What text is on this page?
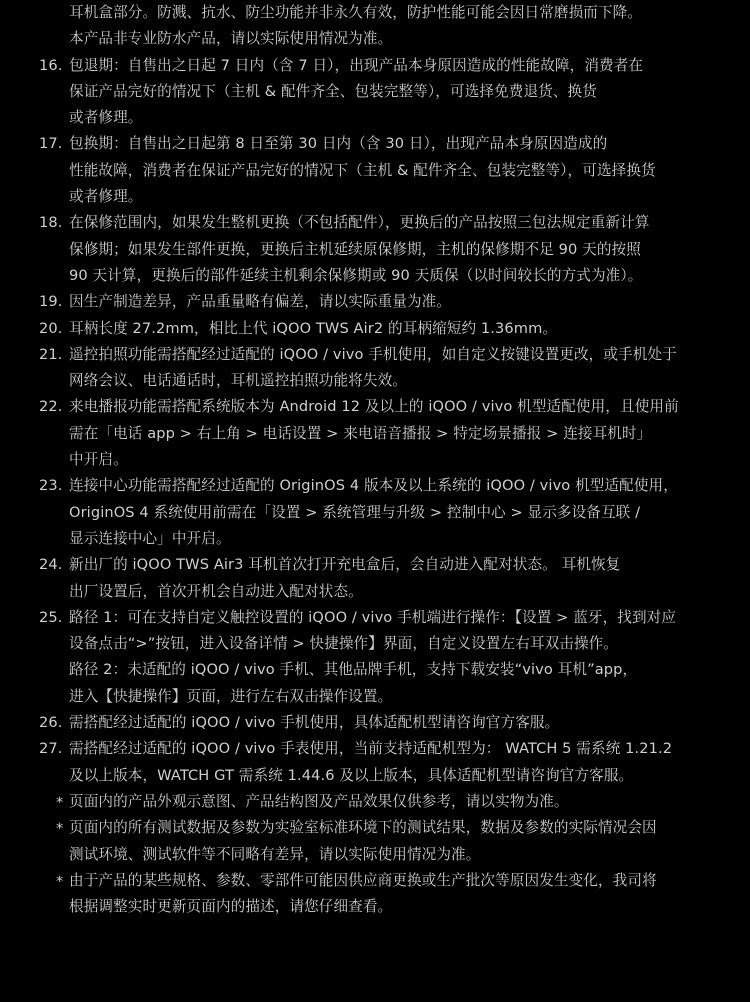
耳机盒部分。防溅、抗水、防尘功能并非永久有效，防护性能可能会因日常磨损而下降。
本产品非专业防水产品，请以实际使用情况为准。
16. 包退期：自售出之日起 7 日内（含 7 日），出现产品本身原因造成的性能故障，消费者在
保证产品完好的情况下（主机 & 配件齐全、包装完整等），可选择免费退货、换货
或者修理。
17. 包换期：自售出之日起第 8 日至第 30 日内（含 30 日），出现产品本身原因造成的
性能故障，消费者在保证产品完好的情况下（主机 & 配件齐全、包装完整等），可选择换货
或者修理。
18. 在保修范围内，如果发生整机更换（不包括配件），更换后的产品按照三包法规定重新计算
保修期；如果发生部件更换，更换后主机延续原保修期，主机的保修期不足 90 天的按照
90 天计算，更换后的部件延续主机剩余保修期或 90 天质保（以时间较长的方式为准）。
19. 因生产制造差异，产品重量略有偏差，请以实际重量为准。
20. 耳柄长度 27.2mm，相比上代 iQOO TWS Air2 的耳柄缩短约 1.36mm。
21. 遥控拍照功能需搭配经过适配的 iQOO / vivo 手机使用，如自定义按键设置更改，或手机处于
网络会议、电话通话时，耳机遥控拍照功能将失效。
22. 来电播报功能需搭配系统版本为 Android 12 及以上的 iQOO / vivo 机型适配使用，且使用前
需在「电话 app > 右上角 > 电话设置 > 来电语音播报 > 特定场景播报 > 连接耳机时」
中开启。
23. 连接中心功能需搭配经过适配的 OriginOS 4 版本及以上系统的 iQOO / vivo 机型适配使用，
OriginOS 4 系统使用前需在「设置 > 系统管理与升级 > 控制中心 > 显示多设备互联 /
显示连接中心」中开启。
24. 新出厂的 iQOO TWS Air3 耳机首次打开充电盒后，会自动进入配对状态。 耳机恢复
出厂设置后，首次开机会自动进入配对状态。
25. 路径 1：可在支持自定义触控设置的 iQOO / vivo 手机端进行操作：【设置 > 蓝牙，找到对应
设备点击“>”按钮，进入设备详情 > 快捷操作】界面，自定义设置左右耳双击操作。
路径 2：未适配的 iQOO / vivo 手机、其他品牌手机，支持下载安装“vivo 耳机”app，
进入【快捷操作】页面，进行左右双击操作设置。
26. 需搭配经过适配的 iQOO / vivo 手机使用，具体适配机型请咨询官方客服。
27. 需搭配经过适配的 iQOO / vivo 手表使用，当前支持适配机型为： WATCH 5 需系统 1.21.2
及以上版本，WATCH GT 需系统 1.44.6 及以上版本，具体适配机型请咨询官方客服。
* 页面内的产品外观示意图、产品结构图及产品效果仅供参考，请以实物为准。
* 页面内的所有测试数据及参数为实验室标准环境下的测试结果，数据及参数的实际情况会因
测试环境、测试软件等不同略有差异，请以实际使用情况为准。
* 由于产品的某些规格、参数、零部件可能因供应商更换或生产批次等原因发生变化，我司将
根据调整实时更新页面内的描述，请您仔细查看。
